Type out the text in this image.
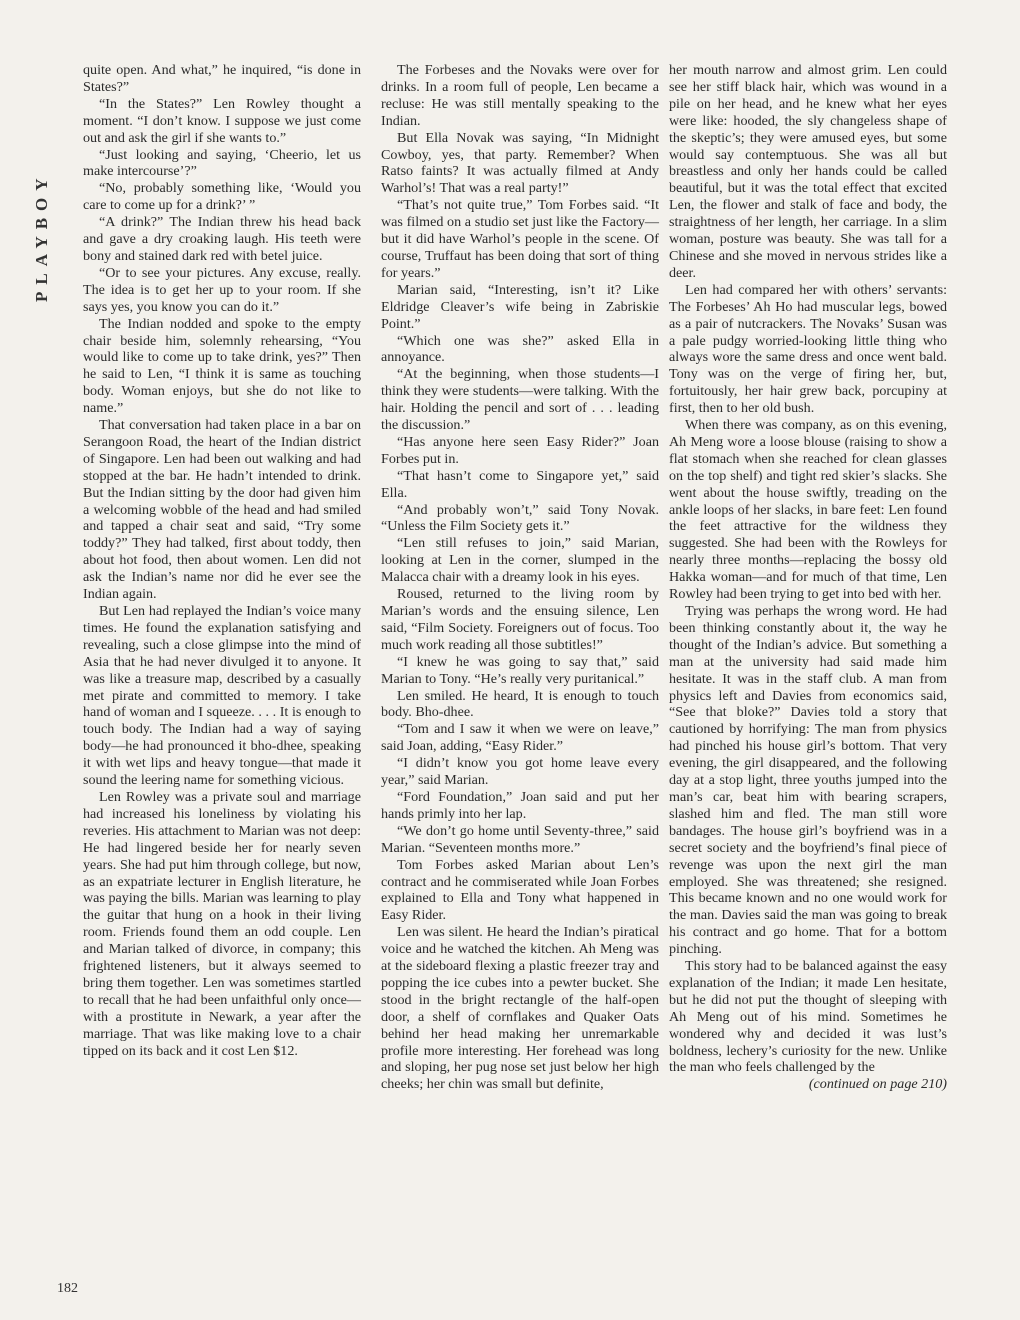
PLAYBOY

quite open. And what,” he inquired, “is done in States?”

“In the States?” Len Rowley thought a moment. “I don’t know. I suppose we just come out and ask the girl if she wants to.”

“Just looking and saying, ‘Cheerio, let us make intercourse’?”

“No, probably something like, ‘Would you care to come up for a drink?’ ”

“A drink?” The Indian threw his head back and gave a dry croaking laugh. His teeth were bony and stained dark red with betel juice.

“Or to see your pictures. Any excuse, really. The idea is to get her up to your room. If she says yes, you know you can do it.”

The Indian nodded and spoke to the empty chair beside him, solemnly rehearsing, “You would like to come up to take drink, yes?” Then he said to Len, “I think it is same as touching body. Woman enjoys, but she do not like to name.”

That conversation had taken place in a bar on Serangoon Road, the heart of the Indian district of Singapore. Len had been out walking and had stopped at the bar. He hadn’t intended to drink. But the Indian sitting by the door had given him a welcoming wobble of the head and had smiled and tapped a chair seat and said, “Try some toddy?” They had talked, first about toddy, then about hot food, then about women. Len did not ask the Indian’s name nor did he ever see the Indian again.

But Len had replayed the Indian’s voice many times. He found the explanation satisfying and revealing, such a close glimpse into the mind of Asia that he had never divulged it to anyone. It was like a treasure map, described by a casually met pirate and committed to memory. I take hand of woman and I squeeze. . . . It is enough to touch body. The Indian had a way of saying body—he had pronounced it bho-dhee, speaking it with wet lips and heavy tongue—that made it sound the leering name for something vicious.

Len Rowley was a private soul and marriage had increased his loneliness by violating his reveries. His attachment to Marian was not deep: He had lingered beside her for nearly seven years. She had put him through college, but now, as an expatriate lecturer in English literature, he was paying the bills. Marian was learning to play the guitar that hung on a hook in their living room. Friends found them an odd couple. Len and Marian talked of divorce, in company; this frightened listeners, but it always seemed to bring them together. Len was sometimes startled to recall that he had been unfaithful only once—with a prostitute in Newark, a year after the marriage. That was like making love to a chair tipped on its back and it cost Len $12.

The Forbeses and the Novaks were over for drinks. In a room full of people, Len became a recluse: He was still mentally speaking to the Indian.

But Ella Novak was saying, “In Midnight Cowboy, yes, that party. Remember? When Ratso faints? It was actually filmed at Andy Warhol’s! That was a real party!”

“That’s not quite true,” Tom Forbes said. “It was filmed on a studio set just like the Factory—but it did have Warhol’s people in the scene. Of course, Truffaut has been doing that sort of thing for years.”

Marian said, “Interesting, isn’t it? Like Eldridge Cleaver’s wife being in Zabriskie Point.”

“Which one was she?” asked Ella in annoyance.

“At the beginning, when those students—I think they were students—were talking. With the hair. Holding the pencil and sort of . . . leading the discussion.”

“Has anyone here seen Easy Rider?” Joan Forbes put in.

“That hasn’t come to Singapore yet,” said Ella.

“And probably won’t,” said Tony Novak. “Unless the Film Society gets it.”

“Len still refuses to join,” said Marian, looking at Len in the corner, slumped in the Malacca chair with a dreamy look in his eyes.

Roused, returned to the living room by Marian’s words and the ensuing silence, Len said, “Film Society. Foreigners out of focus. Too much work reading all those subtitles!”

“I knew he was going to say that,” said Marian to Tony. “He’s really very puritanical.”

Len smiled. He heard, It is enough to touch body. Bho-dhee.

“Tom and I saw it when we were on leave,” said Joan, adding, “Easy Rider.”

“I didn’t know you got home leave every year,” said Marian.

“Ford Foundation,” Joan said and put her hands primly into her lap.

“We don’t go home until Seventy-three,” said Marian. “Seventeen months more.”

Tom Forbes asked Marian about Len’s contract and he commiserated while Joan Forbes explained to Ella and Tony what happened in Easy Rider.

Len was silent. He heard the Indian’s piratical voice and he watched the kitchen. Ah Meng was at the sideboard flexing a plastic freezer tray and popping the ice cubes into a pewter bucket. She stood in the bright rectangle of the half-open door, a shelf of cornflakes and Quaker Oats behind her head making her unremarkable profile more interesting. Her forehead was long and sloping, her pug nose set just below her high cheeks; her chin was small but definite,

her mouth narrow and almost grim. Len could see her stiff black hair, which was wound in a pile on her head, and he knew what her eyes were like: hooded, the sly changeless shape of the skeptic’s; they were amused eyes, but some would say contemptuous. She was all but breastless and only her hands could be called beautiful, but it was the total effect that excited Len, the flower and stalk of face and body, the straightness of her length, her carriage. In a slim woman, posture was beauty. She was tall for a Chinese and she moved in nervous strides like a deer.

Len had compared her with others’ servants: The Forbeses’ Ah Ho had muscular legs, bowed as a pair of nutcrackers. The Novaks’ Susan was a pale pudgy worried-looking little thing who always wore the same dress and once went bald. Tony was on the verge of firing her, but, fortuitously, her hair grew back, porcupiny at first, then to her old bush.

When there was company, as on this evening, Ah Meng wore a loose blouse (raising to show a flat stomach when she reached for clean glasses on the top shelf) and tight red skier’s slacks. She went about the house swiftly, treading on the ankle loops of her slacks, in bare feet: Len found the feet attractive for the wildness they suggested. She had been with the Rowleys for nearly three months—replacing the bossy old Hakka woman—and for much of that time, Len Rowley had been trying to get into bed with her.

Trying was perhaps the wrong word. He had been thinking constantly about it, the way he thought of the Indian’s advice. But something a man at the university had said made him hesitate. It was in the staff club. A man from physics left and Davies from economics said, “See that bloke?” Davies told a story that cautioned by horrifying: The man from physics had pinched his house girl’s bottom. That very evening, the girl disappeared, and the following day at a stop light, three youths jumped into the man’s car, beat him with bearing scrapers, slashed him and fled. The man still wore bandages. The house girl’s boyfriend was in a secret society and the boyfriend’s final piece of revenge was upon the next girl the man employed. She was threatened; she resigned. This became known and no one would work for the man. Davies said the man was going to break his contract and go home. That for a bottom pinching.

This story had to be balanced against the easy explanation of the Indian; it made Len hesitate, but he did not put the thought of sleeping with Ah Meng out of his mind. Sometimes he wondered why and decided it was lust’s boldness, lechery’s curiosity for the new. Unlike the man who feels challenged by the

(continued on page 210)

182
